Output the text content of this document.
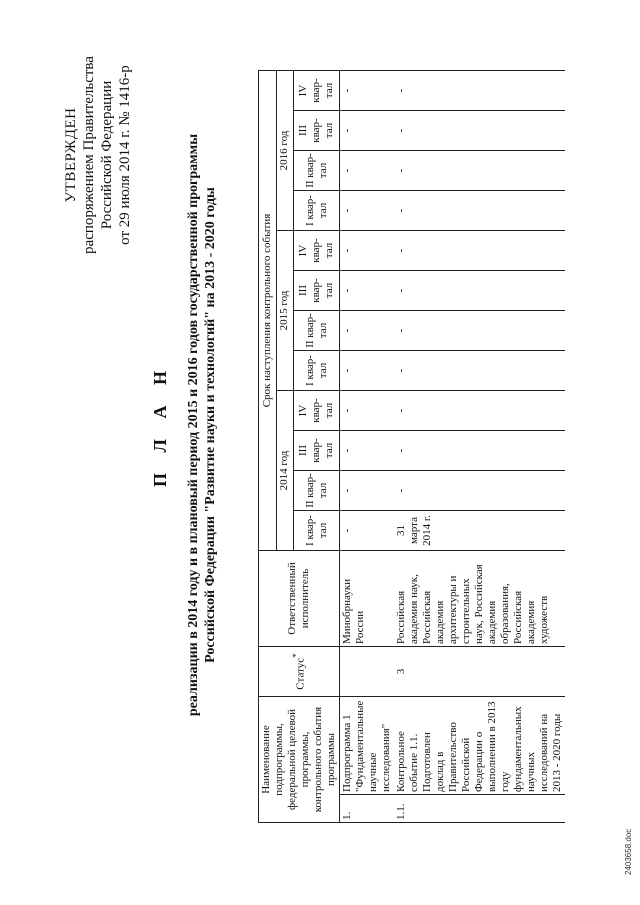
УТВЕРЖДЕН распоряжением Правительства Российской Федерации от 29 июля 2014 г. № 1416-р
П Л А Н реализации в 2014 году и в плановый период 2015 и 2016 годов государственной программы Российской Федерации "Развитие науки и технологий" на 2013 - 2020 годы
Наименование подпрограммы, федеральной целевой программы, контрольного события программы		Статус*	Ответственный исполнитель	Срок наступления контрольного события											
				2014 год				2015 год				2016 год			
				I квар-тал	II квар-тал	III квар-тал	IV квар-тал	I квар-тал	II квар-тал	III квар-тал	IV квар-тал	I квар-тал	II квар-тал	III квар-тал	IV квар-тал
1.	Подпрограмма 1 "Фундаментальные научные исследования"		Минобрнауки России	-	-	-	-	-	-	-	-	-	-	-	-
1.1.	Контрольное событие 1.1. Подготовлен доклад в Правительство Российской Федерации о выполнении в 2013 году фундаментальных научных исследований на 2013 - 2020 годы	3	Российская академия наук, Российская академия архитектуры и строительных наук, Российская академия образования, Российская академия художеств	31 марта 2014 г.	-	-	-	-	-	-	-	-	-	-	-
2403658.doc
